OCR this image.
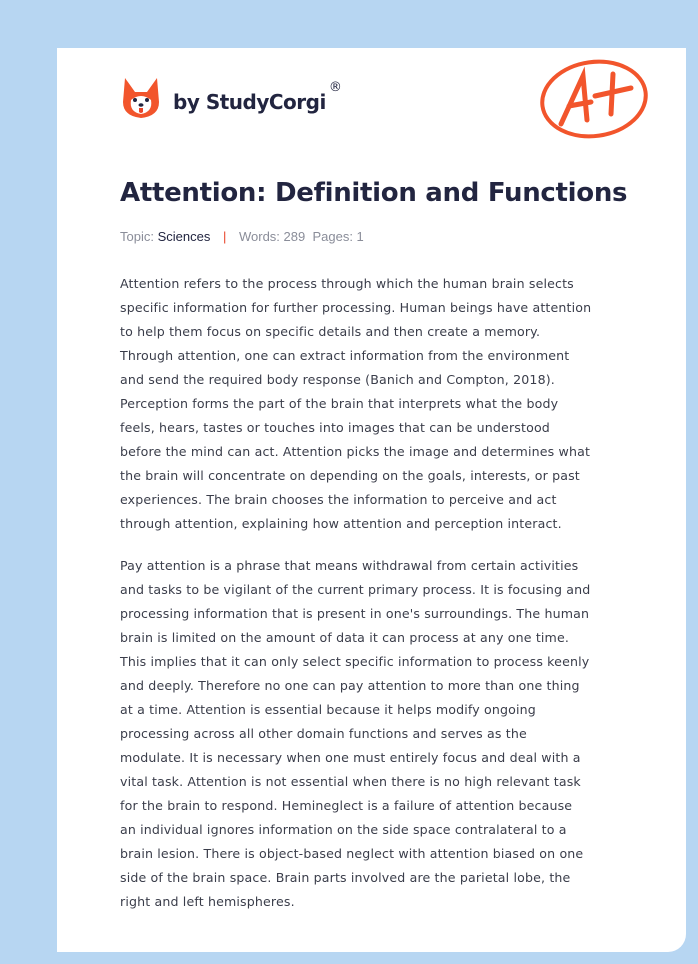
by StudyCorgi®
Attention: Definition and Functions
Topic: Sciences | Words: 289 Pages: 1

Attention refers to the process through which the human brain selects
specific information for further processing. Human beings have attention
to help them focus on specific details and then create a memory.
Through attention, one can extract information from the environment
and send the required body response (Banich and Compton, 2018).
Perception forms the part of the brain that interprets what the body
feels, hears, tastes or touches into images that can be understood
before the mind can act. Attention picks the image and determines what
the brain will concentrate on depending on the goals, interests, or past
experiences. The brain chooses the information to perceive and act
through attention, explaining how attention and perception interact.

Pay attention is a phrase that means withdrawal from certain activities
and tasks to be vigilant of the current primary process. It is focusing and
processing information that is present in one's surroundings. The human
brain is limited on the amount of data it can process at any one time.
This implies that it can only select specific information to process keenly
and deeply. Therefore no one can pay attention to more than one thing
at a time. Attention is essential because it helps modify ongoing
processing across all other domain functions and serves as the
modulate. It is necessary when one must entirely focus and deal with a
vital task. Attention is not essential when there is no high relevant task
for the brain to respond. Hemineglect is a failure of attention because
an individual ignores information on the side space contralateral to a
brain lesion. There is object-based neglect with attention biased on one
side of the brain space. Brain parts involved are the parietal lobe, the
right and left hemispheres.
